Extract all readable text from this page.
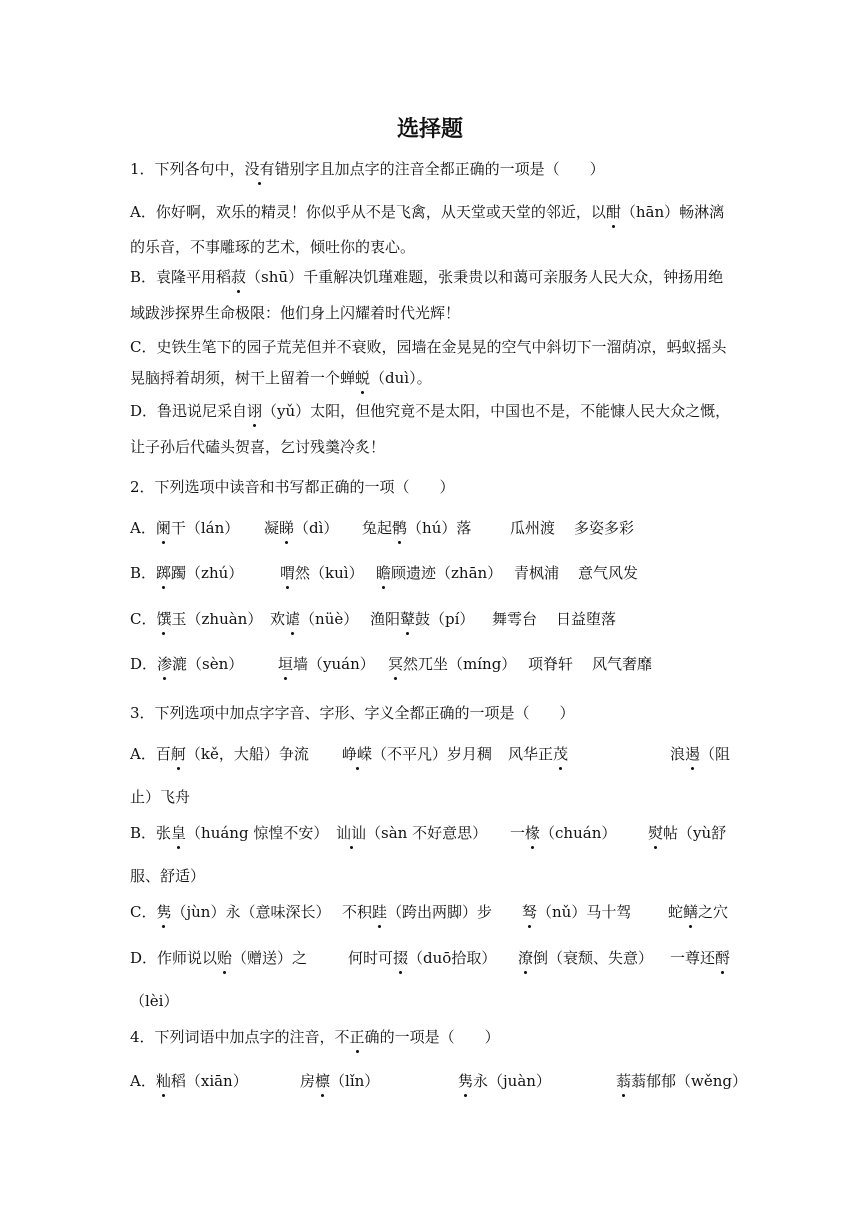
选择题
1．下列各句中，没有错别字且加点字的注音全都正确的一项是（　　）
A．你好啊，欢乐的精灵！你似乎从不是飞禽，从天堂或天堂的邻近，以酣（hān）畅淋漓
的乐音，不事雕琢的艺术，倾吐你的衷心。
B．袁隆平用稻菽（shū）千重解决饥瑾难题，张秉贵以和蔼可亲服务人民大众，钟扬用绝
域跋涉探界生命极限：他们身上闪耀着时代光辉！
C．史铁生笔下的园子荒芜但并不衰败，园墙在金晃晃的空气中斜切下一溜荫凉，蚂蚁摇头
晃脑捋着胡须，树干上留着一个蝉蜕（duì）。
D．鲁迅说尼采自诩（yǔ）太阳，但他究竟不是太阳，中国也不是，不能慷人民大众之慨，
让子孙后代磕头贺喜，乞讨残羹冷炙！
2．下列选项中读音和书写都正确的一项（　　）
A．阑干（lán） 凝睇（dì） 兔起鹘（hú）落	瓜州渡 多姿多彩
B．踯躅（zhú） 喟然（kuì） 瞻顾遗迹（zhān） 青枫浦 意气风发
C．馔玉（zhuàn） 欢谑（nüè） 渔阳鼙鼓（pí） 舞雩台 日益堕落
D．渗漉（sèn） 垣墙（yuán） 冥然兀坐（míng） 项脊轩 风气奢靡
3．下列选项中加点字字音、字形、字义全都正确的一项是（　　）
A．百舸（kě，大船）争流 峥嵘（不平凡）岁月稠 风华正茂	浪遏（阻
止）飞舟
B．张皇（huáng 惊惶不安） 讪讪（sàn 不好意思） 一椽（chuán） 熨帖（yù舒
服、舒适）
C．隽（jùn）永（意味深长） 不积跬（跨出两脚）步 驽（nǔ）马十驾 蛇鳝之穴
D．作师说以贻（赠送）之	何时可掇（duō拾取） 潦倒（衰颓、失意） 一尊还酹
（lèi）
4．下列词语中加点字的注音，不正确的一项是（　　）
A．籼稻（xiān）	房檩（lǐn）	隽永（juàn）	蓊蓊郁郁（wěng）
